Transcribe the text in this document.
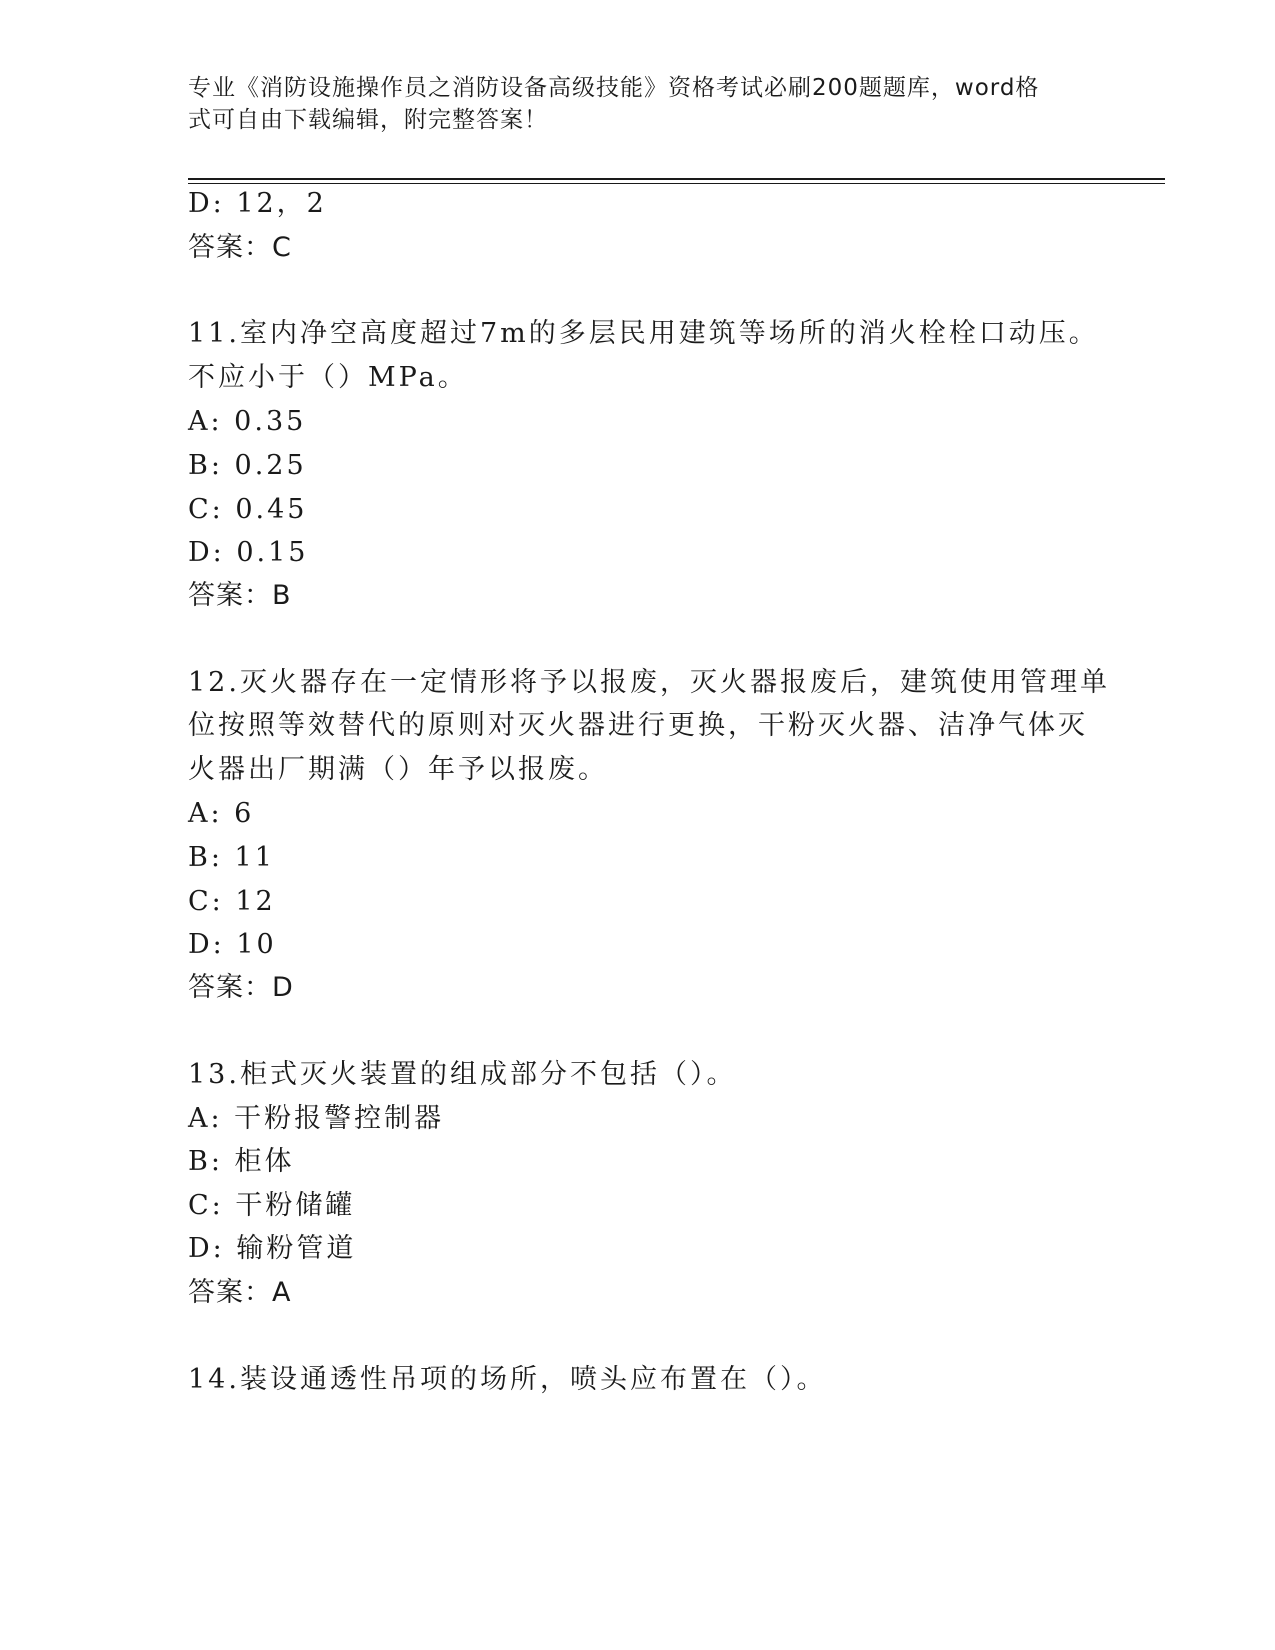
专业《消防设施操作员之消防设备高级技能》资格考试必刷200题题库，word格
式可自由下载编辑，附完整答案！
D: 12，2
答案：C
11.室内净空高度超过7m的多层民用建筑等场所的消火栓栓口动压。
不应小于（）MPa。
A: 0.35
B: 0.25
C: 0.45
D: 0.15
答案：B
12.灭火器存在一定情形将予以报废，灭火器报废后，建筑使用管理单
位按照等效替代的原则对灭火器进行更换，干粉灭火器、洁净气体灭
火器出厂期满（）年予以报废。
A: 6
B: 11
C: 12
D: 10
答案：D
13.柜式灭火装置的组成部分不包括（）。
A: 干粉报警控制器
B: 柜体
C: 干粉储罐
D: 输粉管道
答案：A
14.装设通透性吊项的场所，喷头应布置在（）。
